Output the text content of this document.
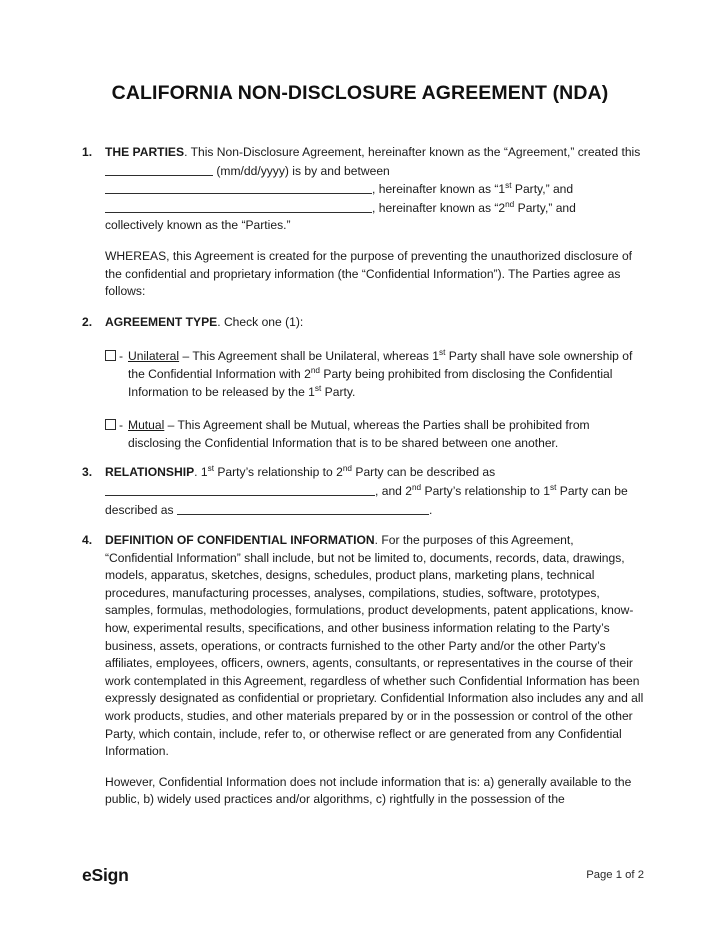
CALIFORNIA NON-DISCLOSURE AGREEMENT (NDA)
1. THE PARTIES. This Non-Disclosure Agreement, hereinafter known as the “Agreement,” created this  (mm/dd/yyyy) is by and between
, hereinafter known as “1st Party,” and
, hereinafter known as “2nd Party,” and
collectively known as the “Parties.”
WHEREAS, this Agreement is created for the purpose of preventing the unauthorized disclosure of the confidential and proprietary information (the “Confidential Information”). The Parties agree as follows:
2. AGREEMENT TYPE. Check one (1):
- Unilateral – This Agreement shall be Unilateral, whereas 1st Party shall have sole ownership of the Confidential Information with 2nd Party being prohibited from disclosing the Confidential Information to be released by the 1st Party.
- Mutual – This Agreement shall be Mutual, whereas the Parties shall be prohibited from disclosing the Confidential Information that is to be shared between one another.
3. RELATIONSHIP. 1st Party’s relationship to 2nd Party can be described as
, and 2nd Party’s relationship to 1st Party can be described as	.
4. DEFINITION OF CONFIDENTIAL INFORMATION. For the purposes of this Agreement, “Confidential Information” shall include, but not be limited to, documents, records, data, drawings, models, apparatus, sketches, designs, schedules, product plans, marketing plans, technical procedures, manufacturing processes, analyses, compilations, studies, software, prototypes, samples, formulas, methodologies, formulations, product developments, patent applications, know-how, experimental results, specifications, and other business information relating to the Party’s business, assets, operations, or contracts furnished to the other Party and/or the other Party’s affiliates, employees, officers, owners, agents, consultants, or representatives in the course of their work contemplated in this Agreement, regardless of whether such Confidential Information has been expressly designated as confidential or proprietary. Confidential Information also includes any and all work products, studies, and other materials prepared by or in the possession or control of the other Party, which contain, include, refer to, or otherwise reflect or are generated from any Confidential Information.
However, Confidential Information does not include information that is: a) generally available to the public, b) widely used practices and/or algorithms, c) rightfully in the possession of the
eSign	Page 1 of 2
